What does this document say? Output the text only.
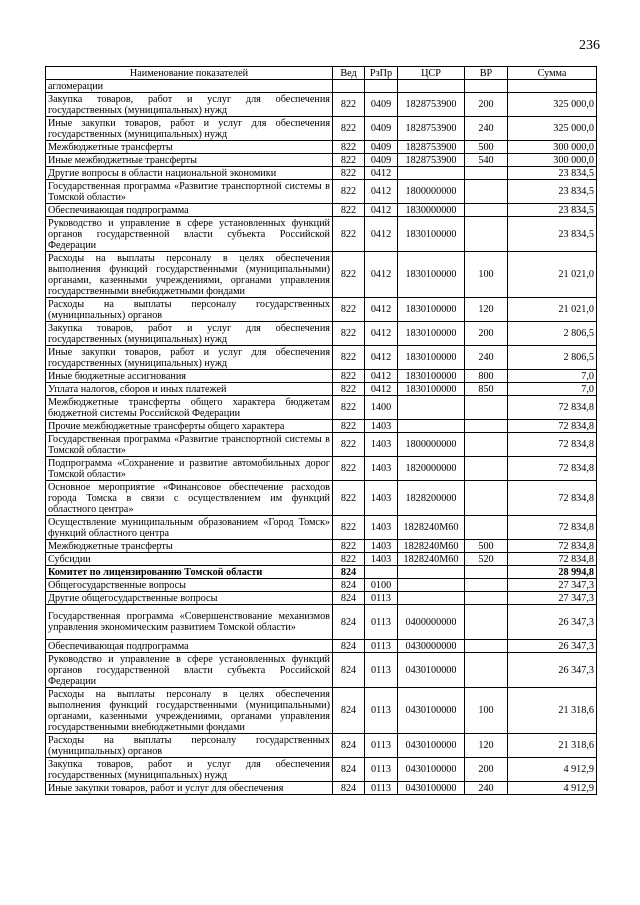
236
Наименование показателей	Вед	РзПр	ЦСР	ВР	Сумма
агломерации					
Закупка товаров, работ и услуг для обеспечения государственных (муниципальных) нужд	822	0409	1828753900	200	325 000,0
Иные закупки товаров, работ и услуг для обеспечения государственных (муниципальных) нужд	822	0409	1828753900	240	325 000,0
Межбюджетные трансферты	822	0409	1828753900	500	300 000,0
Иные межбюджетные трансферты	822	0409	1828753900	540	300 000,0
Другие вопросы в области национальной экономики	822	0412			23 834,5
Государственная программа «Развитие транспортной системы в Томской области»	822	0412	1800000000		23 834,5
Обеспечивающая подпрограмма	822	0412	1830000000		23 834,5
Руководство и управление в сфере установленных функций органов государственной власти субъекта Российской Федерации	822	0412	1830100000		23 834,5
Расходы на выплаты персоналу в целях обеспечения выполнения функций государственными (муниципальными) органами, казенными учреждениями, органами управления государственными внебюджетными фондами	822	0412	1830100000	100	21 021,0
Расходы на выплаты персоналу государственных (муниципальных) органов	822	0412	1830100000	120	21 021,0
Закупка товаров, работ и услуг для обеспечения государственных (муниципальных) нужд	822	0412	1830100000	200	2 806,5
Иные закупки товаров, работ и услуг для обеспечения государственных (муниципальных) нужд	822	0412	1830100000	240	2 806,5
Иные бюджетные ассигнования	822	0412	1830100000	800	7,0
Уплата налогов, сборов и иных платежей	822	0412	1830100000	850	7,0
Межбюджетные трансферты общего характера бюджетам бюджетной системы Российской Федерации	822	1400			72 834,8
Прочие межбюджетные трансферты общего характера	822	1403			72 834,8
Государственная программа «Развитие транспортной системы в Томской области»	822	1403	1800000000		72 834,8
Подпрограмма «Сохранение и развитие автомобильных дорог Томской области»	822	1403	1820000000		72 834,8
Основное мероприятие «Финансовое обеспечение расходов города Томска в связи с осуществлением им функций областного центра»	822	1403	1828200000		72 834,8
Осуществление муниципальным образованием «Город Томск» функций областного центра	822	1403	1828240М60		72 834,8
Межбюджетные трансферты	822	1403	1828240М60	500	72 834,8
Субсидии	822	1403	1828240М60	520	72 834,8
Комитет по лицензированию Томской области	824				28 994,8
Общегосударственные вопросы	824	0100			27 347,3
Другие общегосударственные вопросы	824	0113			27 347,3
Государственная программа «Совершенствование механизмов управления экономическим развитием Томской области»	824	0113	0400000000		26 347,3
Обеспечивающая подпрограмма	824	0113	0430000000		26 347,3
Руководство и управление в сфере установленных функций органов государственной власти субъекта Российской Федерации	824	0113	0430100000		26 347,3
Расходы на выплаты персоналу в целях обеспечения выполнения функций государственными (муниципальными) органами, казенными учреждениями, органами управления государственными внебюджетными фондами	824	0113	0430100000	100	21 318,6
Расходы на выплаты персоналу государственных (муниципальных) органов	824	0113	0430100000	120	21 318,6
Закупка товаров, работ и услуг для обеспечения государственных (муниципальных) нужд	824	0113	0430100000	200	4 912,9
Иные закупки товаров, работ и услуг для обеспечения	824	0113	0430100000	240	4 912,9
